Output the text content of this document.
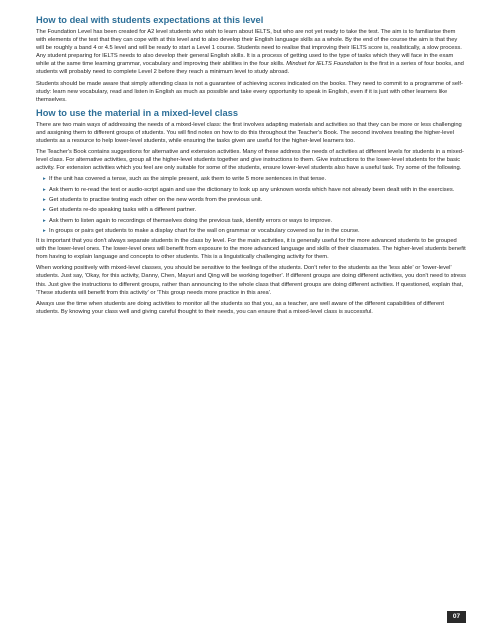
How to deal with students expectations at this level

The Foundation Level has been created for A2 level students who wish to learn about IELTS, but who are not yet ready to take the test. The aim is to familiarise them with elements of the test that they can cope with at this level and to also develop their English language skills as a whole. By the end of the course the aim is that they will be roughly a band 4 or 4.5 level and will be ready to start a Level 1 course. Students need to realise that improving their IELTS score is, realistically, a slow process. Any student preparing for IELTS needs to also develop their general English skills. It is a process of getting used to the type of tasks which they will face in the exam while at the same time learning grammar, vocabulary and improving their abilities in the four skills. Mindset for IELTS Foundation is the first in a series of four books, and students will probably need to complete Level 2 before they reach a minimum level to study abroad.

Students should be made aware that simply attending class is not a guarantee of achieving scores indicated on the books. They need to commit to a programme of self-study: learn new vocabulary, read and listen in English as much as possible and take every opportunity to speak in English, even if it is just with other learners like themselves.

How to use the material in a mixed-level class

There are two main ways of addressing the needs of a mixed-level class: the first involves adapting materials and activities so that they can be more or less challenging and assigning them to different groups of students. You will find notes on how to do this throughout the Teacher's Book. The second involves treating the higher-level students as a resource to help lower-level students, while ensuring the tasks given are useful for the higher-level learners too.

The Teacher's Book contains suggestions for alternative and extension activities. Many of these address the needs of activities at different levels for students in a mixed-level class. For alternative activities, group all the higher-level students together and give instructions to them. Give instructions to the lower-level students for the basic activity. For extension activities which you feel are only suitable for some of the students, ensure lower-level students also have a useful task. Try some of the following.

▸ If the unit has covered a tense, such as the simple present, ask them to write 5 more sentences in that tense.
▸ Ask them to re-read the text or audio-script again and use the dictionary to look up any unknown words which have not already been dealt with in the exercises.
▸ Get students to practise testing each other on the new words from the previous unit.
▸ Get students re-do speaking tasks with a different partner.
▸ Ask them to listen again to recordings of themselves doing the previous task, identify errors or ways to improve.
▸ In groups or pairs get students to make a display chart for the wall on grammar or vocabulary covered so far in the course.

It is important that you don't always separate students in the class by level. For the main activities, it is generally useful for the more advanced students to be grouped with the lower-level ones. The lower-level ones will benefit from exposure to the more advanced language and skills of their classmates. The higher-level students benefit from having to explain language and concepts to other students. This is a linguistically challenging activity for them.

When working positively with mixed-level classes, you should be sensitive to the feelings of the students. Don't refer to the students as the 'less able' or 'lower-level' students. Just say, 'Okay, for this activity, Danny, Chen, Mayuri and Qing will be working together'. If different groups are doing different activities, you don't need to stress this. Just give the instructions to different groups, rather than announcing to the whole class that different groups are doing different activities. If questioned, explain that, 'These students will benefit from this activity' or 'This group needs more practice in this area'.

Always use the time when students are doing activities to monitor all the students so that you, as a teacher, are well aware of the different capabilities of different students. By knowing your class well and giving careful thought to their needs, you can ensure that a mixed-level class is successful.

07
